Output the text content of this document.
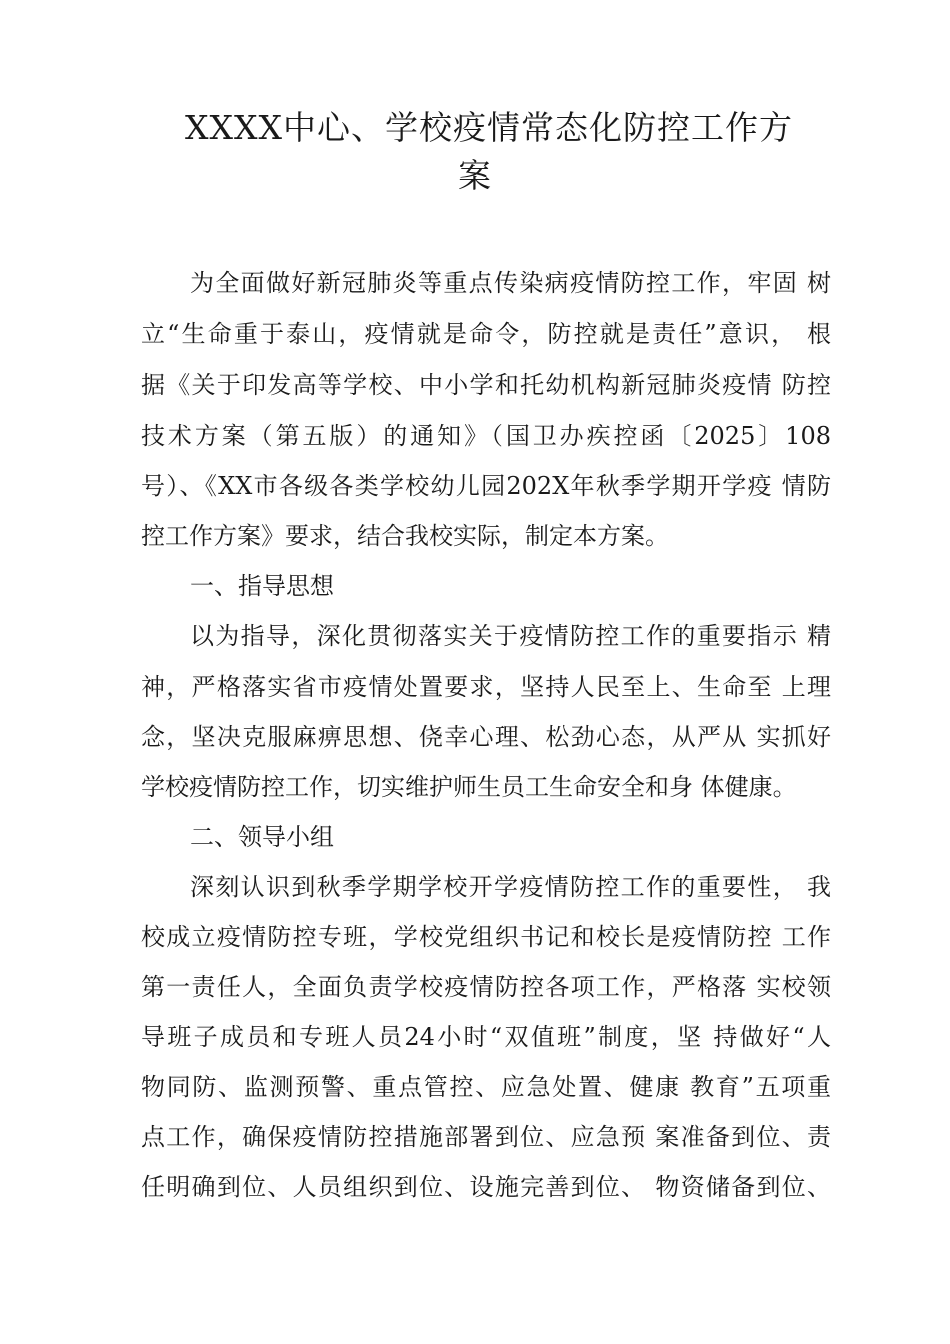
XXXX中心、学校疫情常态化防控工作方
案
为全面做好新冠肺炎等重点传染病疫情防控工作，牢固 树
立“生命重于泰山，疫情就是命令，防控就是责任”意识， 根
据《关于印发高等学校、中小学和托幼机构新冠肺炎疫情 防控
技术方案（第五版）的通知》（国卫办疾控函〔2025〕108
号）、《XX市各级各类学校幼儿园202X年秋季学期开学疫 情防
控工作方案》要求，结合我校实际，制定本方案。
一、指导思想
以为指导，深化贯彻落实关于疫情防控工作的重要指示 精
神，严格落实省市疫情处置要求，坚持人民至上、生命至 上理
念，坚决克服麻痹思想、侥幸心理、松劲心态，从严从 实抓好
学校疫情防控工作，切实维护师生员工生命安全和身 体健康。
二、领导小组
深刻认识到秋季学期学校开学疫情防控工作的重要性， 我
校成立疫情防控专班，学校党组织书记和校长是疫情防控 工作
第一责任人，全面负责学校疫情防控各项工作，严格落 实校领
导班子成员和专班人员24小时“双值班”制度，坚 持做好“人
物同防、监测预警、重点管控、应急处置、健康 教育”五项重
点工作，确保疫情防控措施部署到位、应急预 案准备到位、责
任明确到位、人员组织到位、设施完善到位、 物资储备到位、
